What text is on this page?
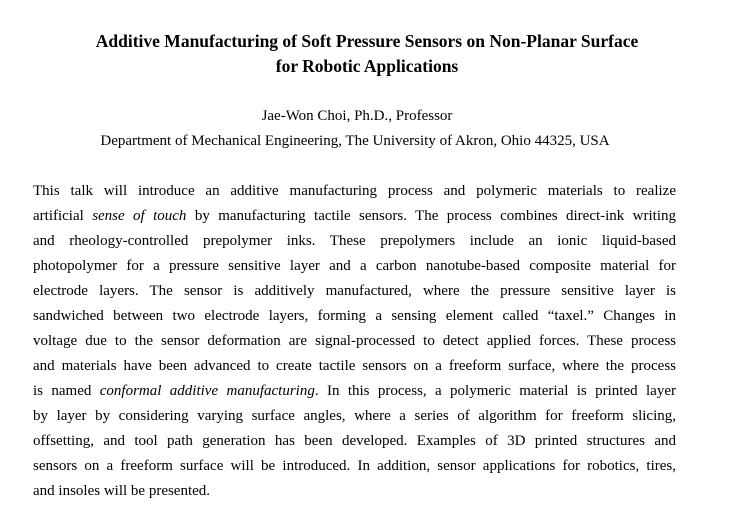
Additive Manufacturing of Soft Pressure Sensors on Non-Planar Surface
for Robotic Applications

Jae-Won Choi, Ph.D., Professor

Department of Mechanical Engineering, The University of Akron, Ohio 44325, USA

This talk will introduce an additive manufacturing process and polymeric materials to realize
artificial sense of touch by manufacturing tactile sensors. The process combines direct-ink writing
and rheology-controlled prepolymer inks. These prepolymers include an ionic liquid-based
photopolymer for a pressure sensitive layer and a carbon nanotube-based composite material for
electrode layers. The sensor is additively manufactured, where the pressure sensitive layer is
sandwiched between two electrode layers, forming a sensing element called “taxel.” Changes in
voltage due to the sensor deformation are signal-processed to detect applied forces. These process
and materials have been advanced to create tactile sensors on a freeform surface, where the process
is named conformal additive manufacturing. In this process, a polymeric material is printed layer
by layer by considering varying surface angles, where a series of algorithm for freeform slicing,
offsetting, and tool path generation has been developed. Examples of 3D printed structures and
sensors on a freeform surface will be introduced. In addition, sensor applications for robotics, tires,
and insoles will be presented.
